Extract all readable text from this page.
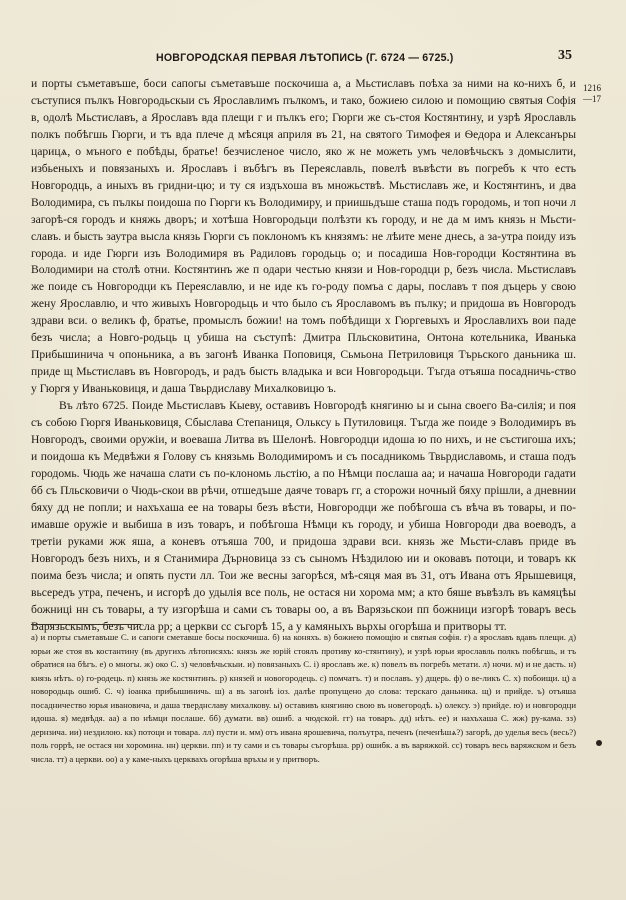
НОВГОРОДСКАЯ ПЕРВАЯ ЛѢТОПИСЬ (Г. 6724 — 6725.)	35
1216
—17

и порты съметавъше, боси сапогы съметавъше поскочиша а, а Мьстиславъ поѣха за ними на ко-нихъ б, и съступися пълкъ Новгородьскыи съ Ярославлимъ пълкомъ, и тако, божиею силою и помощию святыя Софія в, одолѣ Мьстиславъ, а Ярославъ вда плещи г и пълкъ его; Гюрги же съ-стоя Костянтину, и узрѣ Ярославль полкъ побѣгшь Гюрги, и тъ вда плече д мѣсяця априля въ 21, на святого Тимофея и Ѳедора и Алексанъры царицѧ, о мъного е побѣды, братье! безчисленое число, яко ж не можеть умъ человѣчьскъ з домыслити, избьеныхъ и повязаныхъ и. Ярославъ і въбѣгъ въ Переяславль, повелѣ въвѣсти въ погребъ к что есть Новгородць, а иныхъ въ гридни-цю; и ту ся издъхоша въ множьствѣ. Мьстиславъ же, и Костянтинъ, и два Володимира, съ пълкы поидоша по Гюрги къ Володимиру, и приишьдъше сташа подъ городомь, и топ ночи л загорѣ-ся городъ и княжь дворъ; и хотѣша Новгородьци полѣзти къ городу, и не да м имъ князь н Мьсти-славъ. и бысть заутра высла князь Гюрги съ поклономъ къ князямъ: не лѣите мене днесь, а за-утра поиду изъ города. и иде Гюрги изъ Володимиря въ Радиловъ городьць о; и посадиша Нов-городци Костянтина въ Володимири на столѣ отни. Костянтинъ же п одари честью князи и Нов-городци р, безъ числа. Мьстиславъ же поиде съ Новгородци къ Переяславлю, и не иде къ го-роду помъа с дары, пославъ т поя дъцерь у свою жену Ярославлю, и что живыхъ Новгородьць и что было съ Ярославомъ въ пълку; и придоша въ Новгородъ здрави вси. о великъ ф, братье, промыслъ божии! на томъ побѣдищи х Гюргевыхъ и Ярославлихъ вои паде безъ числа; а Новго-родьць ц убиша на съступѣ: Дмитра Пльсковитина, Онтона котельника, Иванька Прибышинича ч опоньника, а въ загонѣ Иванка Поповиця, Сьмьона Петриловиця Търьского даньника ш. приде щ Мьстиславъ въ Новгородъ, и радъ бысть владыка и вси Новгородьци. Тъгда отъяша посадничь-ство у Гюргя у Иваньковиця, и даша Твьрдиславу Михалковицю ъ.

Въ лѣто 6725. Поиде Мьстиславъ Кыеву, оставивъ Новгородѣ княгиню ы и сына своего Ва-силія; и поя съ собою Гюргя Иваньковиця, Сбыслава Степаниця, Ольксу ь Путиловиця. Тъгда же поиде э Володимиръ въ Новгородъ, своими оружіи, и воеваша Литва въ Шелонѣ. Новгородци идоша ю по нихъ, и не състигоша ихъ; и поидоша къ Медвѣжи я Голову съ князьмь Володимиромъ и съ посадникомь Твьрдиславомь, и сташа подъ городомь. Чюдь же начаша слати съ по-клономь льстію, а по Нѣмци послаша аа; и начаша Новгороди гадати бб съ Пльсковичи о Чюдь-скои вв рѣчи, отшедъше даяче товаръ гг, а сторожи ночный бяху прішли, а дневнии бяху дд не попли; и нахъхаша ее на товары безъ вѣсти, Новгородци же побѣгоша съ вѣча въ товары, и по-имавше оружіе и выбиша в изъ товаръ, и побѣгоша Нѣмци къ городу, и убиша Новгороди два воеводъ, а третіи руками жж яша, а коневъ отъяша 700, и придоша здрави вси. князь же Мьсти-славъ приде въ Новгородъ безъ нихъ, и я Станимира Дърновица зз съ сыномъ Нѣздилою ии и оковавъ потоци, и товаръ кк поима безъ числа; и опять пусти лл. Тои же весны загорѣся, мѣ-сяця мая въ 31, отъ Ивана отъ Ярышевиця, вьсередъ утра, печенъ, и исгорѣ до удылія все поль, не остася ни хорома мм; а кто бяше въвѣзлъ въ камяцѣы божниці нн съ товары, а ту изгорѣша и сами съ товары оо, а въ Варязьскои пп божници изгорѣ товаръ весь Варязьскымъ, безъ числа рр; а церкви сс съгорѣ 15, а у камяныхъ вьрхы огорѣша и притворы тт.

а) и порты съметавъше С. и сапоги сметавше босы поскочиша. б) на коняхъ. в) божиею помощію и святыя софія. г) а ярославъ вдавъ плещи. д) юрьи же стоя въ костантину (въ другихъ лѣтописяхъ: князь же юрій стоялъ противу ко-стянтину), и узрѣ юрьи ярославль полкъ побѣгшь, и тъ обратися на бѣгъ. е) о многы. ж) око С. з) человѣчьскыи. и) повязаныхъ С. і) ярославъ же. к) повелъ въ погребъ метати. л) ночи. м) и не дасть. н) князь нѣтъ. о) го-родець. п) князь же костянтинъ. р) князей и новогородець. с) помчатъ. т) и пославъ. у) дщерь. ф) о ве-ликъ С. х) побоищи. ц) а новородьць ошиб. С. ч) іоанка прибышиничь. ш) а въ загонѣ іоз. далѣе пропущено до слова: терскаго даньника. щ) и прийде. ъ) отъяша посадничество юрья ивановича, и даша тверднславу михалкову. ы) оставивъ княгиню свою въ новегородѣ. ь) олексу. э) прийде. ю) и новгородци идоша. я) медвѣдя. аа) а по нѣмци послаше. бб) думати. вв) ошиб. а чюдской. гг) на товаръ. дд) нѣтъ. ее) и нахъхаша С. жж) ру-кама. зз) дернзича. ии) нездилою. кк) потоци и товара. лл) пусти и. мм) отъ ивана ярошевича, полъутра, печенъ (печенѣшѧ?) загорѣ, до уделья весь (весь?) поль горрѣ, не остася ни хоромина. нн) церкви. пп) и ту сами и съ товары съгорѣша. рр) ошибк. а въ варяжкой. сс) товаръ весь варяжском и безъ числа. тт) а церкви. оо) а у каме-ныхъ церквахъ огорѣша връхы и у притворъ.
